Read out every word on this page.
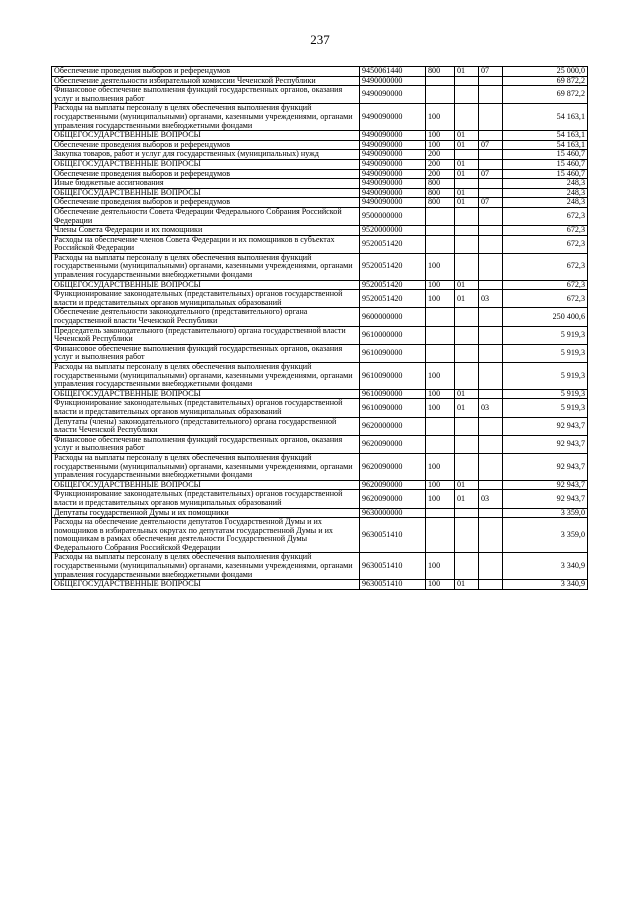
237
Обеспечение проведения выборов и референдумов	9450061440	800	01	07	25 000,0
Обеспечение деятельности избирательной комиссии Чеченской Республики	9490000000				69 872,2
Финансовое обеспечение выполнения функций государственных органов, оказания услуг и выполнения работ	9490090000				69 872,2
Расходы на выплаты персоналу в целях обеспечения выполнения функций государственными (муниципальными) органами, казенными учреждениями, органами управления государственными внебюджетными фондами	9490090000	100			54 163,1
ОБЩЕГОСУДАРСТВЕННЫЕ ВОПРОСЫ	9490090000	100	01		54 163,1
Обеспечение проведения выборов и референдумов	9490090000	100	01	07	54 163,1
Закупка товаров, работ и услуг для государственных (муниципальных) нужд	9490090000	200			15 460,7
ОБЩЕГОСУДАРСТВЕННЫЕ ВОПРОСЫ	9490090000	200	01		15 460,7
Обеспечение проведения выборов и референдумов	9490090000	200	01	07	15 460,7
Иные бюджетные ассигнования	9490090000	800			248,3
ОБЩЕГОСУДАРСТВЕННЫЕ ВОПРОСЫ	9490090000	800	01		248,3
Обеспечение проведения выборов и референдумов	9490090000	800	01	07	248,3
Обеспечение деятельности Совета Федерации Федерального Собрания Российской Федерации	9500000000				672,3
Члены Совета Федерации и их помощники	9520000000				672,3
Расходы на обеспечение членов Совета Федерации и их помощников в субъектах Российской Федерации	9520051420				672,3
Расходы на выплаты персоналу в целях обеспечения выполнения функций государственными (муниципальными) органами, казенными учреждениями, органами управления государственными внебюджетными фондами	9520051420	100			672,3
ОБЩЕГОСУДАРСТВЕННЫЕ ВОПРОСЫ	9520051420	100	01		672,3
Функционирование законодательных (представительных) органов государственной власти и представительных органов муниципальных образований	9520051420	100	01	03	672,3
Обеспечение деятельности законодательного (представительного) органа государственной власти Чеченской Республики	9600000000				250 400,6
Председатель законодательного (представительного) органа государственной власти Чеченской Республики	9610000000				5 919,3
Финансовое обеспечение выполнения функций государственных органов, оказания услуг и выполнения работ	9610090000				5 919,3
Расходы на выплаты персоналу в целях обеспечения выполнения функций государственными (муниципальными) органами, казенными учреждениями, органами управления государственными внебюджетными фондами	9610090000	100			5 919,3
ОБЩЕГОСУДАРСТВЕННЫЕ ВОПРОСЫ	9610090000	100	01		5 919,3
Функционирование законодательных (представительных) органов государственной власти и представительных органов муниципальных образований	9610090000	100	01	03	5 919,3
Депутаты (члены) законодательного (представительного) органа государственной власти Чеченской Республики	9620000000				92 943,7
Финансовое обеспечение выполнения функций государственных органов, оказания услуг и выполнения работ	9620090000				92 943,7
Расходы на выплаты персоналу в целях обеспечения выполнения функций государственными (муниципальными) органами, казенными учреждениями, органами управления государственными внебюджетными фондами	9620090000	100			92 943,7
ОБЩЕГОСУДАРСТВЕННЫЕ ВОПРОСЫ	9620090000	100	01		92 943,7
Функционирование законодательных (представительных) органов государственной власти и представительных органов муниципальных образований	9620090000	100	01	03	92 943,7
Депутаты государственной Думы и их помощники	9630000000				3 359,0
Расходы на обеспечение деятельности депутатов Государственной Думы и их помощников в избирательных округах по депутатам государственной Думы и их помощникам в рамках обеспечения деятельности Государственной Думы Федерального Собрания Российской Федерации	9630051410				3 359,0
Расходы на выплаты персоналу в целях обеспечения выполнения функций государственными (муниципальными) органами, казенными учреждениями, органами управления государственными внебюджетными фондами	9630051410	100			3 340,9
ОБЩЕГОСУДАРСТВЕННЫЕ ВОПРОСЫ	9630051410	100	01		3 340,9
